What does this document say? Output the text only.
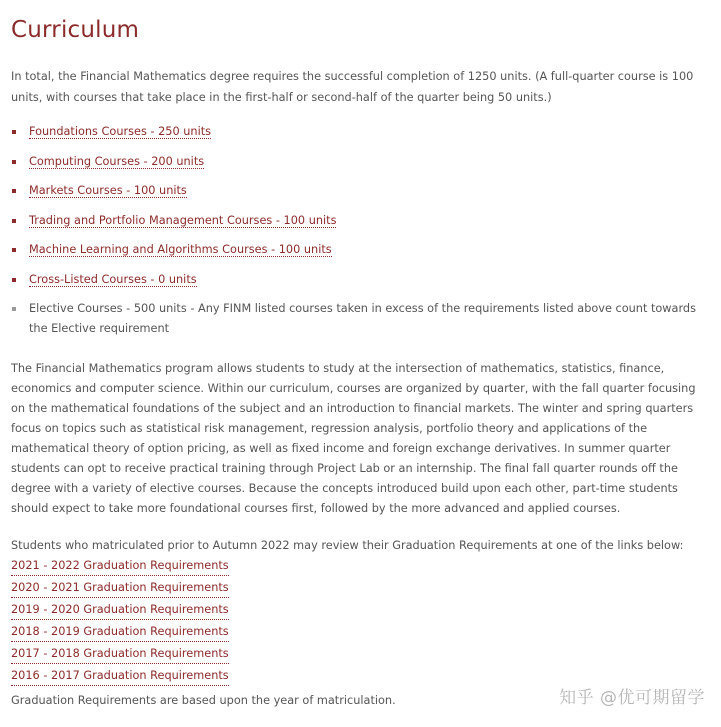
Curriculum

In total, the Financial Mathematics degree requires the successful completion of 1250 units. (A full-quarter course is 100 units, with courses that take place in the first-half or second-half of the quarter being 50 units.)

Foundations Courses - 250 units
Computing Courses - 200 units
Markets Courses - 100 units
Trading and Portfolio Management Courses - 100 units
Machine Learning and Algorithms Courses - 100 units
Cross-Listed Courses - 0 units
Elective Courses - 500 units - Any FINM listed courses taken in excess of the requirements listed above count towards the Elective requirement

The Financial Mathematics program allows students to study at the intersection of mathematics, statistics, finance, economics and computer science. Within our curriculum, courses are organized by quarter, with the fall quarter focusing on the mathematical foundations of the subject and an introduction to financial markets. The winter and spring quarters focus on topics such as statistical risk management, regression analysis, portfolio theory and applications of the mathematical theory of option pricing, as well as fixed income and foreign exchange derivatives. In summer quarter students can opt to receive practical training through Project Lab or an internship. The final fall quarter rounds off the degree with a variety of elective courses. Because the concepts introduced build upon each other, part-time students should expect to take more foundational courses first, followed by the more advanced and applied courses.

Students who matriculated prior to Autumn 2022 may review their Graduation Requirements at one of the links below:
2021 - 2022 Graduation Requirements
2020 - 2021 Graduation Requirements
2019 - 2020 Graduation Requirements
2018 - 2019 Graduation Requirements
2017 - 2018 Graduation Requirements
2016 - 2017 Graduation Requirements

Graduation Requirements are based upon the year of matriculation.	知乎 @优可期留学
